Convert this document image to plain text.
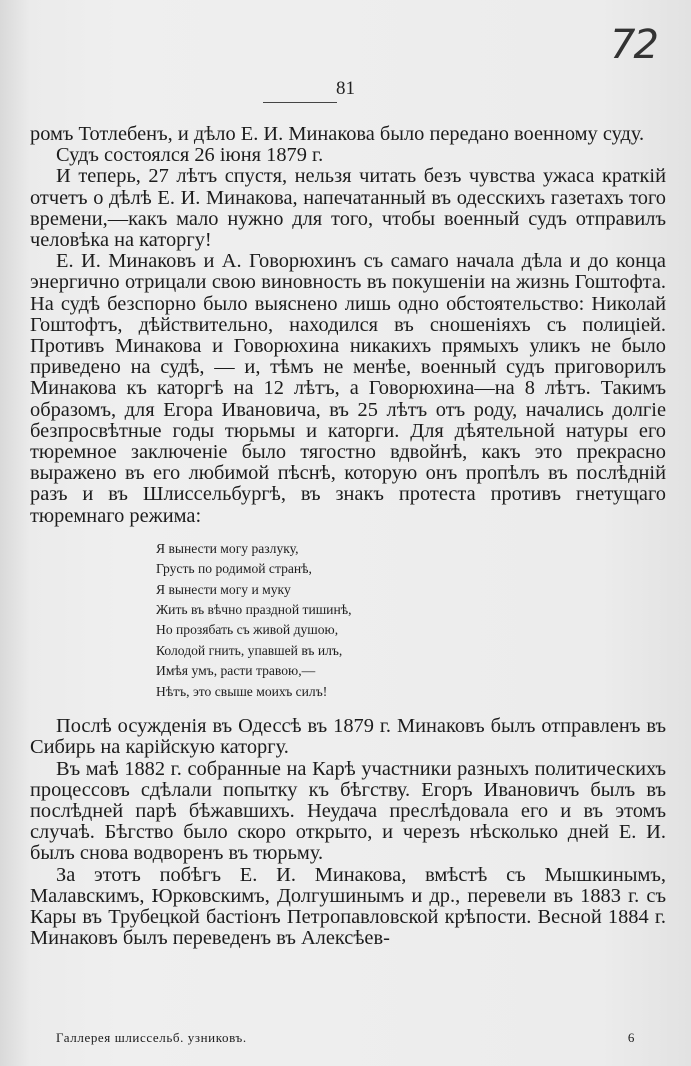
72
81

ромъ Тотлебенъ, и дѣло Е. И. Минакова было передано военному суду.

Судъ состоялся 26 іюня 1879 г.

И теперь, 27 лѣтъ спустя, нельзя читать безъ чувства ужаса краткій отчетъ о дѣлѣ Е. И. Минакова, напечатанный въ одесскихъ газетахъ того времени,—какъ мало нужно для того, чтобы военный судъ отправилъ человѣка на каторгу!

Е. И. Минаковъ и А. Говорюхинъ съ самаго начала дѣла и до конца энергично отрицали свою виновность въ покушеніи на жизнь Гоштофта. На судѣ безспорно было выяснено лишь одно обстоятельство: Николай Гоштофтъ, дѣйствительно, находился въ сношеніяхъ съ полиціей. Противъ Минакова и Говорюхина никакихъ прямыхъ уликъ не было приведено на судѣ, — и, тѣмъ не менѣе, военный судъ приговорилъ Минакова къ каторгѣ на 12 лѣтъ, а Говорюхина—на 8 лѣтъ. Такимъ образомъ, для Егора Ивановича, въ 25 лѣтъ отъ роду, начались долгіе безпросвѣтные годы тюрьмы и каторги. Для дѣятельной натуры его тюремное заключеніе было тягостно вдвойнѣ, какъ это прекрасно выражено въ его любимой пѣснѣ, которую онъ пропѣлъ въ послѣдній разъ и въ Шлиссельбургѣ, въ знакъ протеста противъ гнетущаго тюремнаго режима:

Я вынести могу разлуку,
Грусть по родимой странѣ,
Я вынести могу и муку
Жить въ вѣчно праздной тишинѣ,
Но прозябать съ живой душою,
Колодой гнить, упавшей въ илъ,
Имѣя умъ, расти травою,—
Нѣтъ, это свыше моихъ силъ!

Послѣ осужденія въ Одессѣ въ 1879 г. Минаковъ былъ отправленъ въ Сибирь на карійскую каторгу.

Въ маѣ 1882 г. собранные на Карѣ участники разныхъ политическихъ процессовъ сдѣлали попытку къ бѣгству. Егоръ Ивановичъ былъ въ послѣдней парѣ бѣжавшихъ. Неудача преслѣдовала его и въ этомъ случаѣ. Бѣгство было скоро открыто, и черезъ нѣсколько дней Е. И. былъ снова водворенъ въ тюрьму.

За этотъ побѣгъ Е. И. Минакова, вмѣстѣ съ Мышкинымъ, Малавскимъ, Юрковскимъ, Долгушинымъ и др., перевели въ 1883 г. съ Кары въ Трубецкой бастіонъ Петропавловской крѣпости. Весной 1884 г. Минаковъ былъ переведенъ въ Алексѣев-

Галлерея шлиссельб. узниковъ.	6
